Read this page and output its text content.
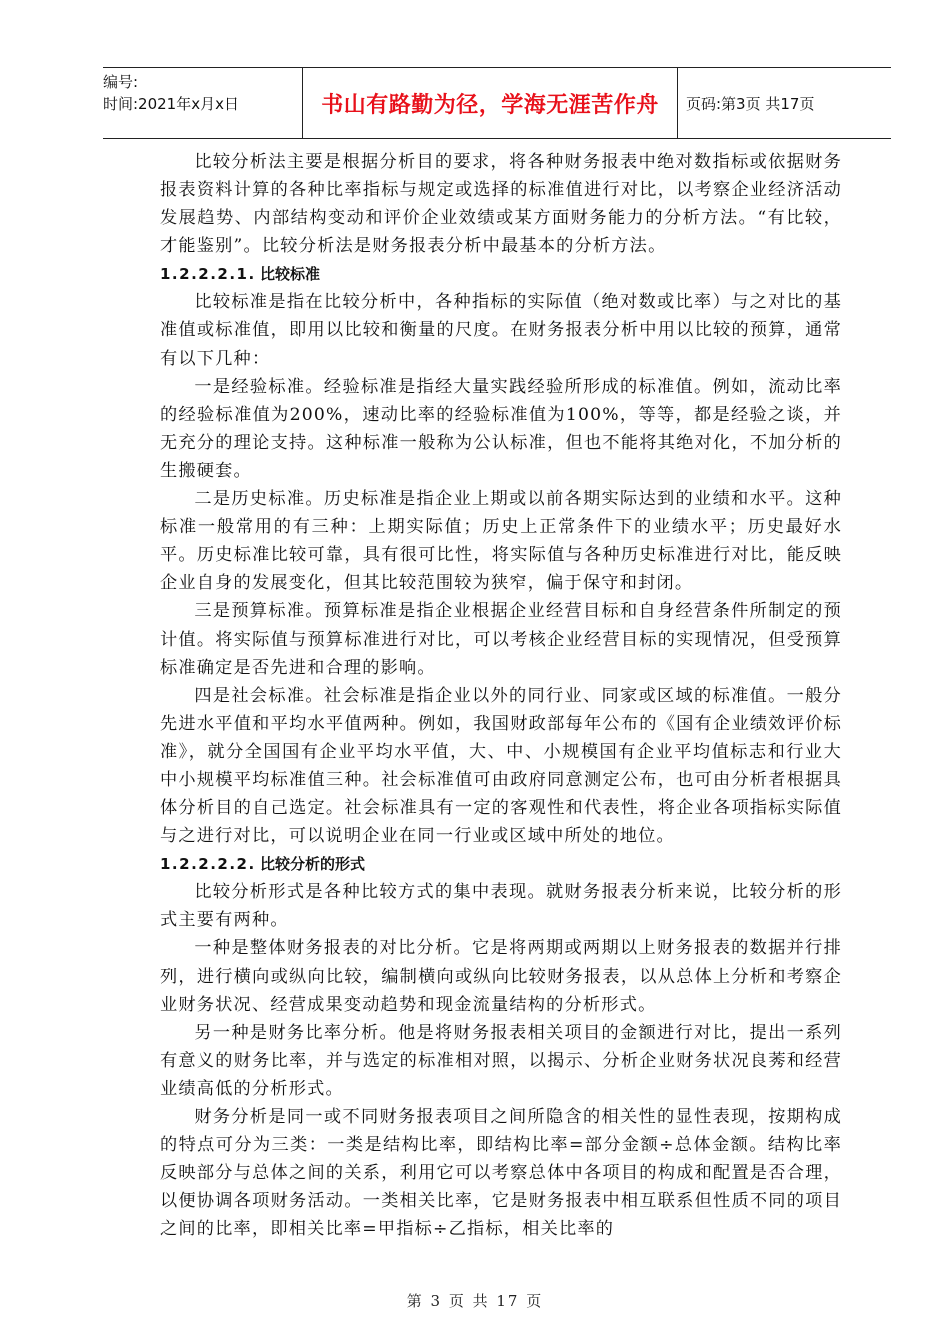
编号:
时间:2021年x月x日	书山有路勤为径，学海无涯苦作舟	页码:第3页 共17页

比较分析法主要是根据分析目的要求，将各种财务报表中绝对数指标或依据财务报表资料计算的各种比率指标与规定或选择的标准值进行对比，以考察企业经济活动发展趋势、内部结构变动和评价企业效绩或某方面财务能力的分析方法。“有比较，才能鉴别”。比较分析法是财务报表分析中最基本的分析方法。

1.2.2.2.1. 比较标准

比较标准是指在比较分析中，各种指标的实际值（绝对数或比率）与之对比的基准值或标准值，即用以比较和衡量的尺度。在财务报表分析中用以比较的预算，通常有以下几种：

一是经验标准。经验标准是指经大量实践经验所形成的标准值。例如，流动比率的经验标准值为200%，速动比率的经验标准值为100%，等等，都是经验之谈，并无充分的理论支持。这种标准一般称为公认标准，但也不能将其绝对化，不加分析的生搬硬套。

二是历史标准。历史标准是指企业上期或以前各期实际达到的业绩和水平。这种标准一般常用的有三种：上期实际值；历史上正常条件下的业绩水平；历史最好水平。历史标准比较可靠，具有很可比性，将实际值与各种历史标准进行对比，能反映企业自身的发展变化，但其比较范围较为狭窄，偏于保守和封闭。

三是预算标准。预算标准是指企业根据企业经营目标和自身经营条件所制定的预计值。将实际值与预算标准进行对比，可以考核企业经营目标的实现情况，但受预算标准确定是否先进和合理的影响。

四是社会标准。社会标准是指企业以外的同行业、同家或区域的标准值。一般分先进水平值和平均水平值两种。例如，我国财政部每年公布的《国有企业绩效评价标准》，就分全国国有企业平均水平值，大、中、小规模国有企业平均值标志和行业大中小规模平均标准值三种。社会标准值可由政府同意测定公布，也可由分析者根据具体分析目的自己选定。社会标准具有一定的客观性和代表性，将企业各项指标实际值与之进行对比，可以说明企业在同一行业或区域中所处的地位。

1.2.2.2.2. 比较分析的形式

比较分析形式是各种比较方式的集中表现。就财务报表分析来说，比较分析的形式主要有两种。

一种是整体财务报表的对比分析。它是将两期或两期以上财务报表的数据并行排列，进行横向或纵向比较，编制横向或纵向比较财务报表，以从总体上分析和考察企业财务状况、经营成果变动趋势和现金流量结构的分析形式。

另一种是财务比率分析。他是将财务报表相关项目的金额进行对比，提出一系列有意义的财务比率，并与选定的标准相对照，以揭示、分析企业财务状况良莠和经营业绩高低的分析形式。

财务分析是同一或不同财务报表项目之间所隐含的相关性的显性表现，按期构成的特点可分为三类：一类是结构比率，即结构比率=部分金额÷总体金额。结构比率反映部分与总体之间的关系，利用它可以考察总体中各项目的构成和配置是否合理，以便协调各项财务活动。一类相关比率，它是财务报表中相互联系但性质不同的项目之间的比率，即相关比率=甲指标÷乙指标，相关比率的

第 3 页 共 17 页
